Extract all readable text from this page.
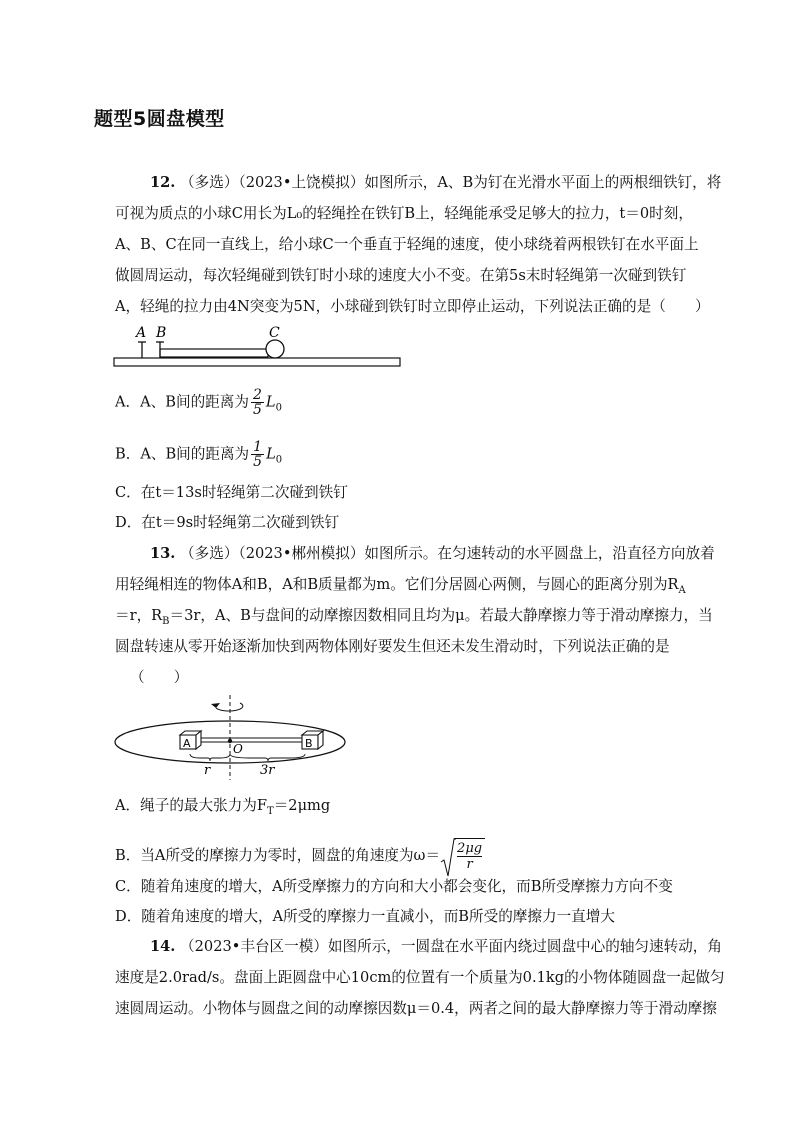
题型5圆盘模型
12. （多选）（2023•上饶模拟）如图所示，A、B为钉在光滑水平面上的两根细铁钉，将
可视为质点的小球C用长为L₀的轻绳拴在铁钉B上，轻绳能承受足够大的拉力，t＝0时刻，
A、B、C在同一直线上，给小球C一个垂直于轻绳的速度，使小球绕着两根铁钉在水平面上
做圆周运动，每次轻绳碰到铁钉时小球的速度大小不变。在第5s末时轻绳第一次碰到铁钉
A，轻绳的拉力由4N突变为5N，小球碰到铁钉时立即停止运动，下列说法正确的是（　　）
A B	C
A．A、B间的距离为 $\frac{2}{5} L_0$
B．A、B间的距离为 $\frac{1}{5} L_0$
C．在t＝13s时轻绳第二次碰到铁钉
D．在t＝9s时轻绳第二次碰到铁钉
13. （多选）（2023•郴州模拟）如图所示。在匀速转动的水平圆盘上，沿直径方向放着
用轻绳相连的物体A和B，A和B质量都为m。它们分居圆心两侧，与圆心的距离分别为$R_A$
＝r，$R_B=3r$，A、B与盘间的动摩擦因数相同且均为μ。若最大静摩擦力等于滑动摩擦力，当
圆盘转速从零开始逐渐加快到两物体刚好要发生但还未发生滑动时，下列说法正确的是
（　　）
A	B
O
r	3r
A．绳子的最大张力为$F_T=2\mu mg$
B．当A所受的摩擦力为零时，圆盘的角速度为$\omega= \frac{2\mu g}{r}$
C．随着角速度的增大，A所受摩擦力的方向和大小都会变化，而B所受摩擦力方向不变
D．随着角速度的增大，A所受的摩擦力一直减小，而B所受的摩擦力一直增大
14. （2023•丰台区一模）如图所示，一圆盘在水平面内绕过圆盘中心的轴匀速转动，角
速度是2.0rad/s。盘面上距圆盘中心10cm的位置有一个质量为0.1kg的小物体随圆盘一起做匀
速圆周运动。小物体与圆盘之间的动摩擦因数μ＝0.4，两者之间的最大静摩擦力等于滑动摩擦
